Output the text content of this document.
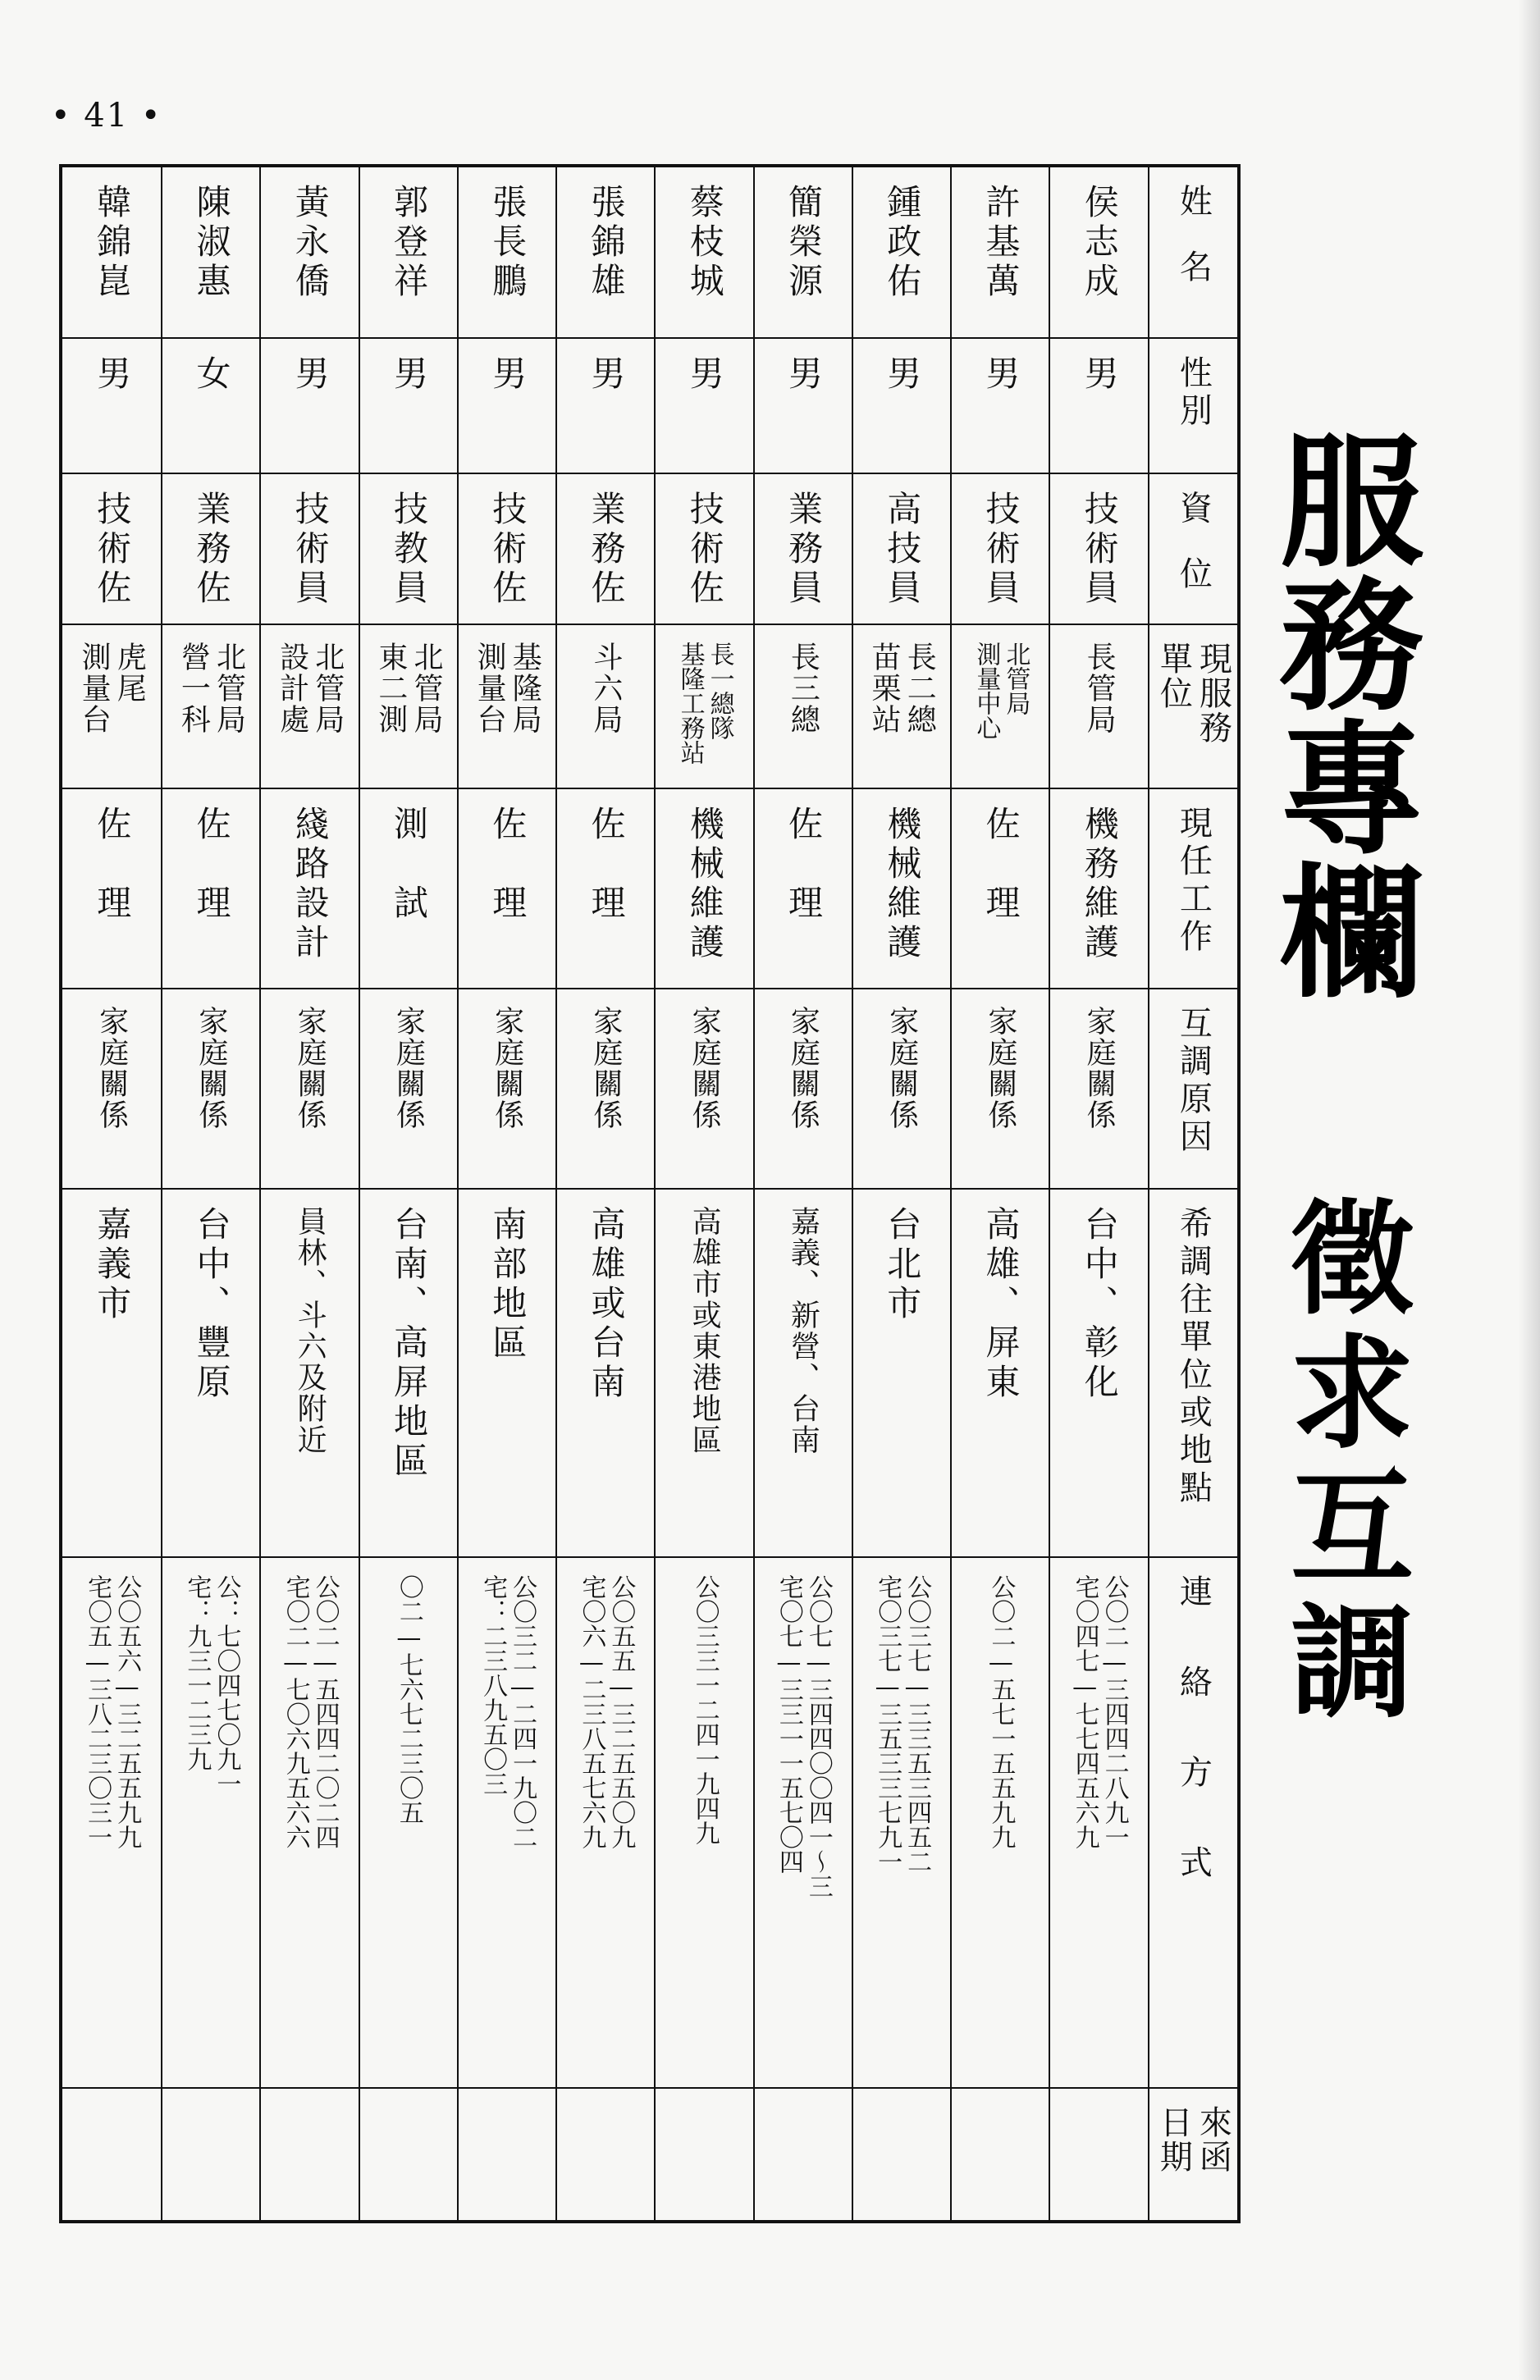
• 41 •
姓名
性別
資位
現服務
單位
現任工作
互調原因
希調往單位或地點
連絡方式
來函
日期
侯志成
男
技術員
長管局
機務維護
家庭關係
台中、彰化
公〇二—三四四二八九一
宅〇四七—七七四五六九
許基萬
男
技術員
北管局
測量中心
佐　理
家庭關係
高雄、屏東
公〇二—五七一五五九九
鍾政佑
男
高技員
長二總
苗栗站
機械維護
家庭關係
台北市
公〇三七—三三五三四五二
宅〇三七—三五三三七九一
簡榮源
男
業務員
長三總
佐　理
家庭關係
嘉義、新營、台南
公〇七—三四四〇〇四一〜三
宅〇七—三三一一五七〇四
蔡枝城
男
技術佐
長一總隊
基隆工務站
機械維護
家庭關係
高雄市或東港地區
公〇三三一二四一九四九
張錦雄
男
業務佐
斗六局
佐　理
家庭關係
高雄或台南
公〇五五—三二五五〇九
宅〇六—二三八五七六九
張長鵬
男
技術佐
基隆局
測量台
佐　理
家庭關係
南部地區
公〇三二—二四一九〇二
宅：二三八九五〇三
郭登祥
男
技教員
北管局
東二測
測　試
家庭關係
台南、高屏地區
〇二—七六七二三〇五
黃永僑
男
技術員
北管局
設計處
綫路設計
家庭關係
員林、斗六及附近
公〇二—五四四二〇二四
宅〇二—七〇六九五六六
陳淑惠
女
業務佐
北管局
營一科
佐　理
家庭關係
台中、豐原
公：七〇四七〇九一
宅：九三一二三九
韓錦崑
男
技術佐
虎尾
測量台
佐　理
家庭關係
嘉義市
公〇五六—三二五五九九
宅〇五—三八二三〇三一
服務專欄
徵求互調
